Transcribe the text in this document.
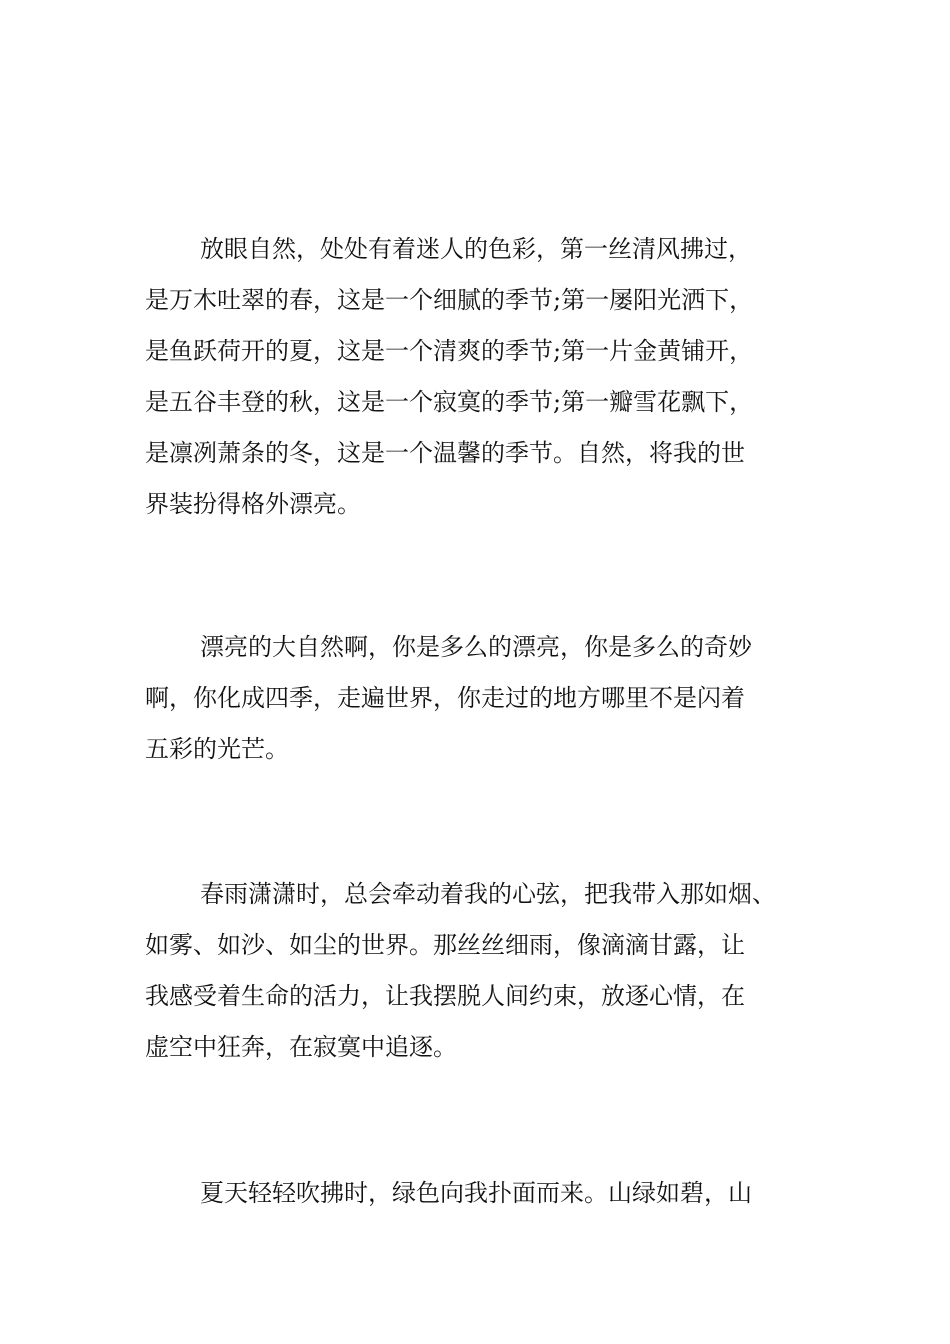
放眼自然，处处有着迷人的色彩，第一丝清风拂过，
是万木吐翠的春，这是一个细腻的季节;第一屡阳光洒下，
是鱼跃荷开的夏，这是一个清爽的季节;第一片金黄铺开，
是五谷丰登的秋，这是一个寂寞的季节;第一瓣雪花飘下，
是凛冽萧条的冬，这是一个温馨的季节。自然，将我的世
界装扮得格外漂亮。

漂亮的大自然啊，你是多么的漂亮，你是多么的奇妙
啊，你化成四季，走遍世界，你走过的地方哪里不是闪着
五彩的光芒。

春雨潇潇时，总会牵动着我的心弦，把我带入那如烟、
如雾、如沙、如尘的世界。那丝丝细雨，像滴滴甘露，让
我感受着生命的活力，让我摆脱人间约束，放逐心情，在
虚空中狂奔，在寂寞中追逐。

夏天轻轻吹拂时，绿色向我扑面而来。山绿如碧，山
